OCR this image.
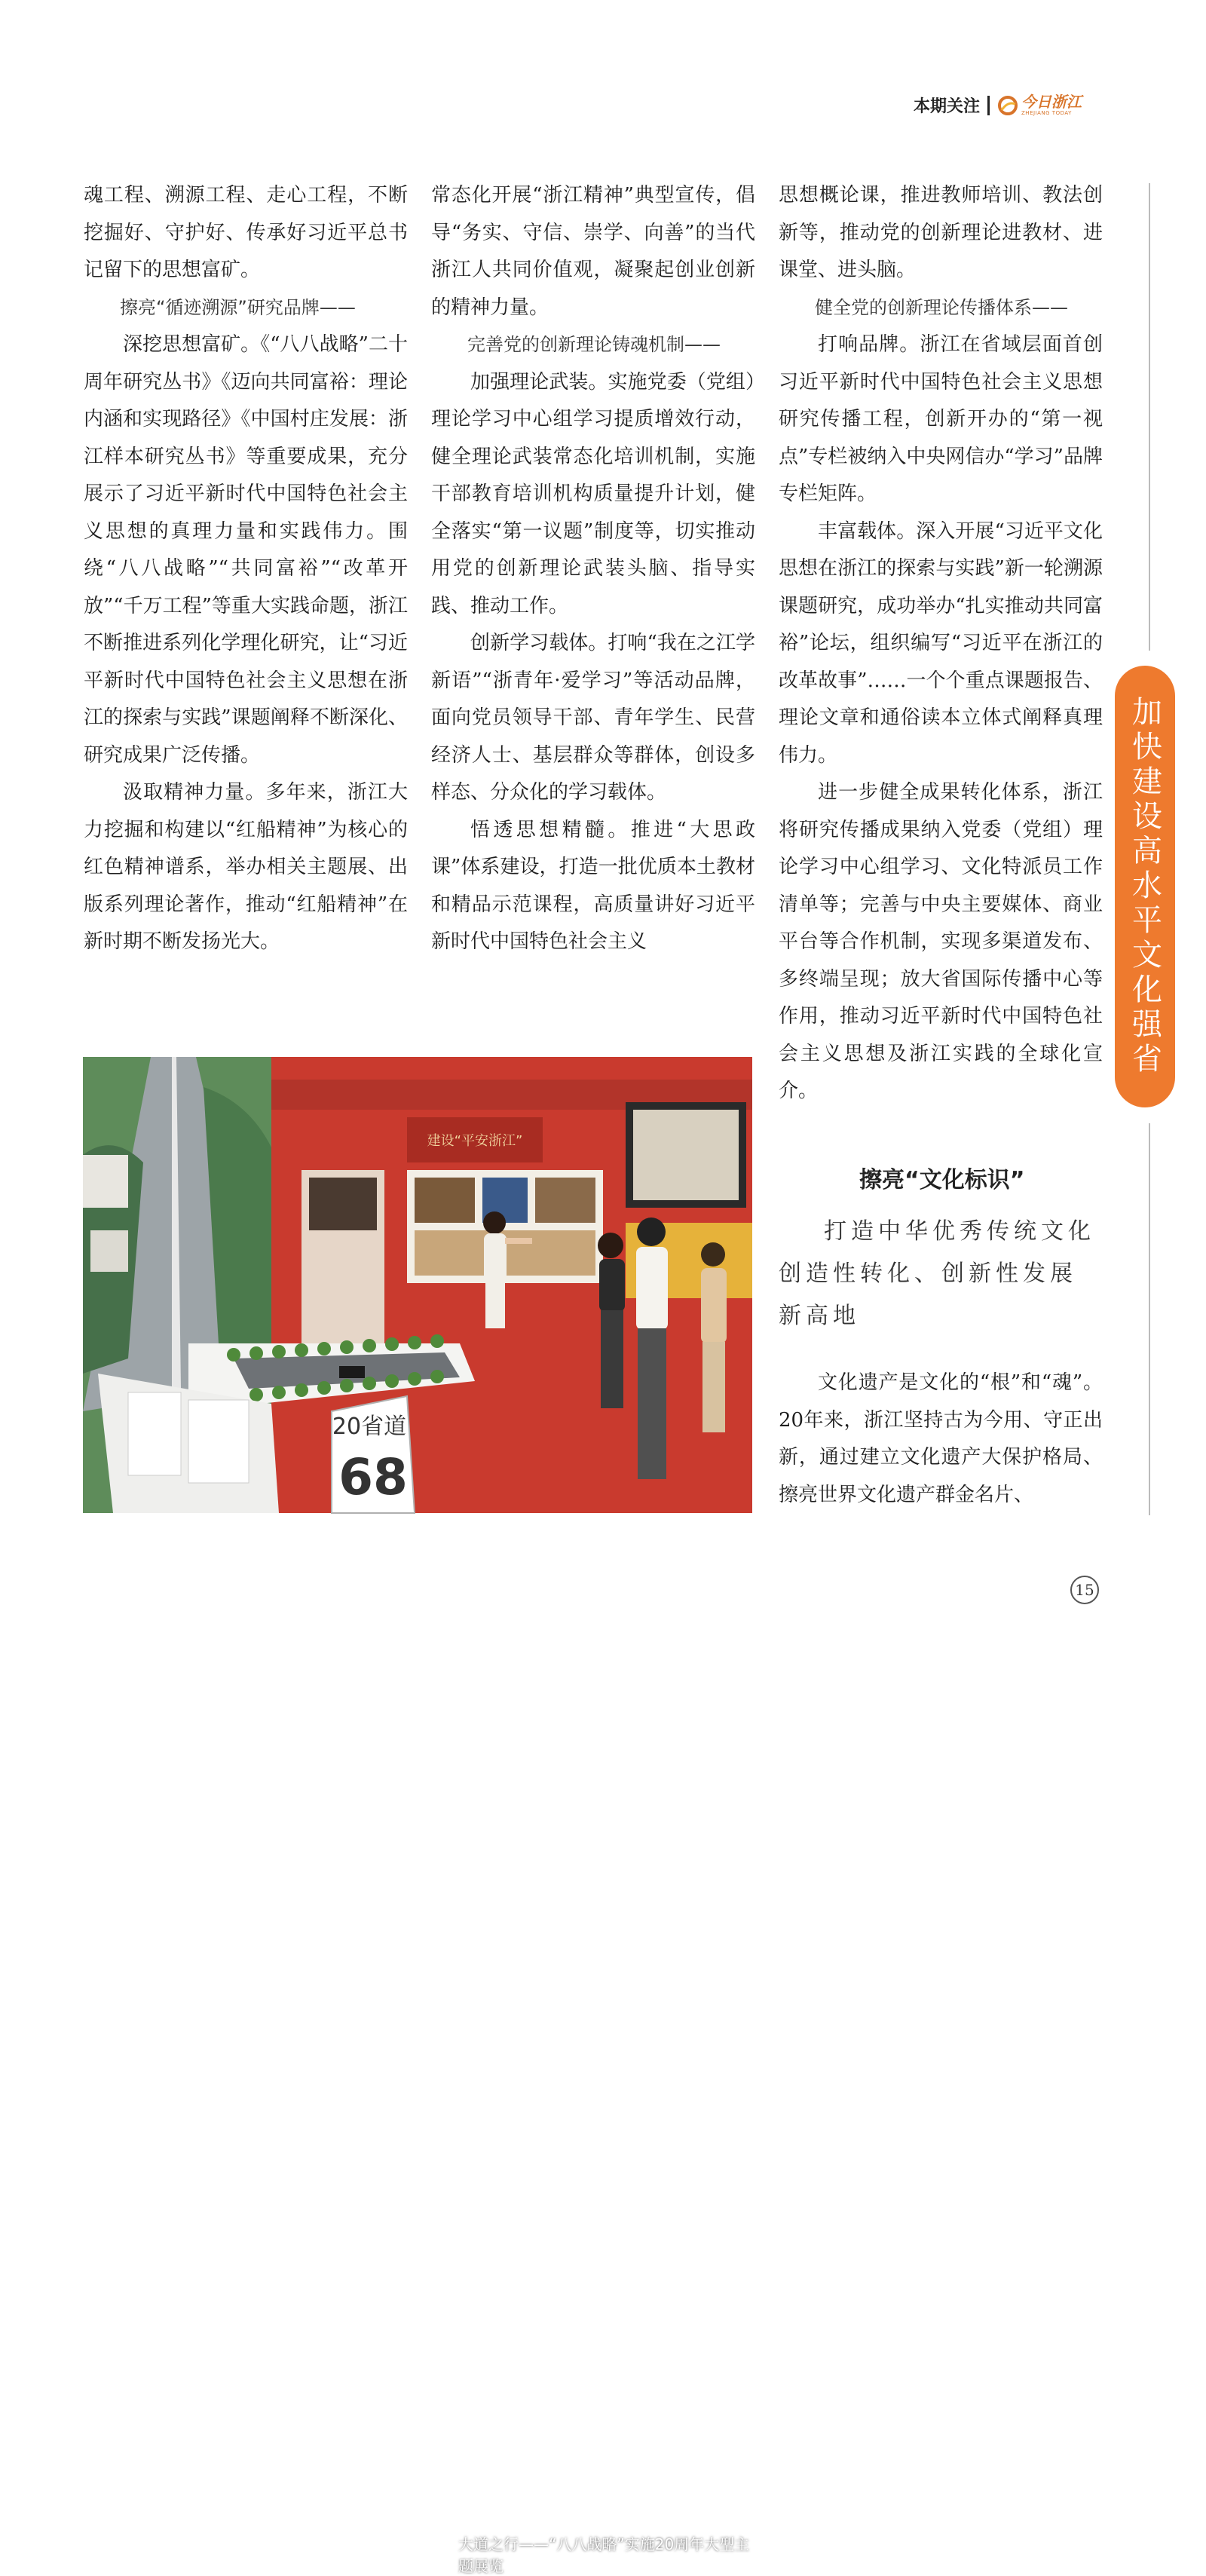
本期关注	今日浙江
ZHEJIANG TODAY

魂工程、溯源工程、走心工程，不断挖掘好、守护好、传承好习近平总书记留下的思想富矿。

擦亮“循迹溯源”研究品牌——

深挖思想富矿。《“八八战略”二十周年研究丛书》《迈向共同富裕：理论内涵和实现路径》《中国村庄发展：浙江样本研究丛书》等重要成果，充分展示了习近平新时代中国特色社会主义思想的真理力量和实践伟力。围绕“八八战略”“共同富裕”“改革开放”“千万工程”等重大实践命题，浙江不断推进系列化学理化研究，让“习近平新时代中国特色社会主义思想在浙江的探索与实践”课题阐释不断深化、研究成果广泛传播。

汲取精神力量。多年来，浙江大力挖掘和构建以“红船精神”为核心的红色精神谱系，举办相关主题展、出版系列理论著作，推动“红船精神”在新时期不断发扬光大。

常态化开展“浙江精神”典型宣传，倡导“务实、守信、崇学、向善”的当代浙江人共同价值观，凝聚起创业创新的精神力量。

完善党的创新理论铸魂机制——

加强理论武装。实施党委（党组）理论学习中心组学习提质增效行动，健全理论武装常态化培训机制，实施干部教育培训机构质量提升计划，健全落实“第一议题”制度等，切实推动用党的创新理论武装头脑、指导实践、推动工作。

创新学习载体。打响“我在之江学新语”“浙青年·爱学习”等活动品牌，面向党员领导干部、青年学生、民营经济人士、基层群众等群体，创设多样态、分众化的学习载体。

悟透思想精髓。推进“大思政课”体系建设，打造一批优质本土教材和精品示范课程，高质量讲好习近平新时代中国特色社会主义

思想概论课，推进教师培训、教法创新等，推动党的创新理论进教材、进课堂、进头脑。

健全党的创新理论传播体系——

打响品牌。浙江在省域层面首创习近平新时代中国特色社会主义思想研究传播工程，创新开办的“第一视点”专栏被纳入中央网信办“学习”品牌专栏矩阵。

丰富载体。深入开展“习近平文化思想在浙江的探索与实践”新一轮溯源课题研究，成功举办“扎实推动共同富裕”论坛，组织编写“习近平在浙江的改革故事”……一个个重点课题报告、理论文章和通俗读本立体式阐释真理伟力。

进一步健全成果转化体系，浙江将研究传播成果纳入党委（党组）理论学习中心组学习、文化特派员工作清单等；完善与中央主要媒体、商业平台等合作机制，实现多渠道发布、多终端呈现；放大省国际传播中心等作用，推动习近平新时代中国特色社会主义思想及浙江实践的全球化宣介。

加快建设高水平文化强省
擦亮“文化标识”

打造中华优秀传统文化创造性转化、创新性发展新高地

文化遗产是文化的“根”和“魂”。20年来，浙江坚持古为今用、守正出新，通过建立文化遗产大保护格局、擦亮世界文化遗产群金名片、

建设“平安浙江”
20省道
68
大道之行——“八八战略”实施20周年大型主题展览
15
